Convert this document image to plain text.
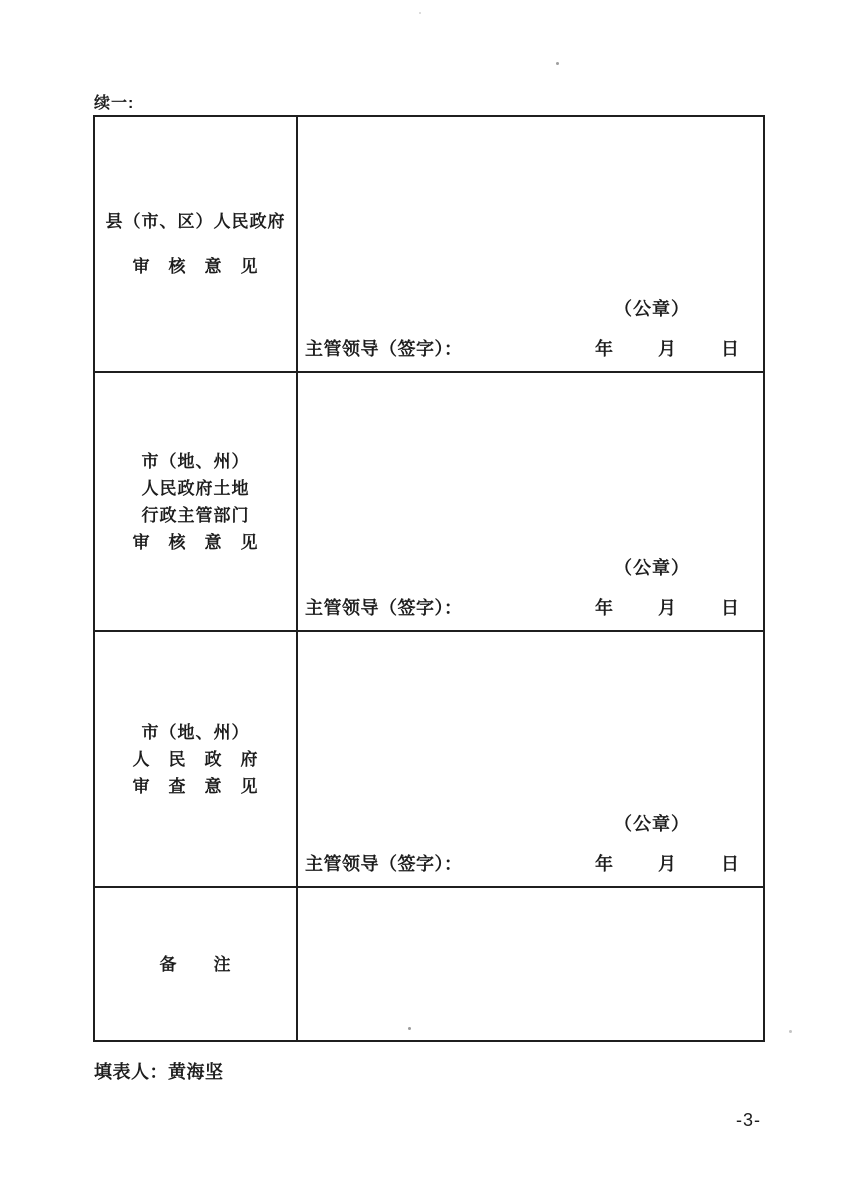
续一:
县（市、区）人民政府
审　核　意　见
（公章）
主管领导（签字）：	年	月	日
市（地、州）
人民政府土地
行政主管部门
审　核　意　见
（公章）
主管领导（签字）：	年	月	日
市（地、州）
人　民　政　府
审　查　意　见
（公章）
主管领导（签字）：	年	月	日
备　　注
填表人：黄海坚
-3-
